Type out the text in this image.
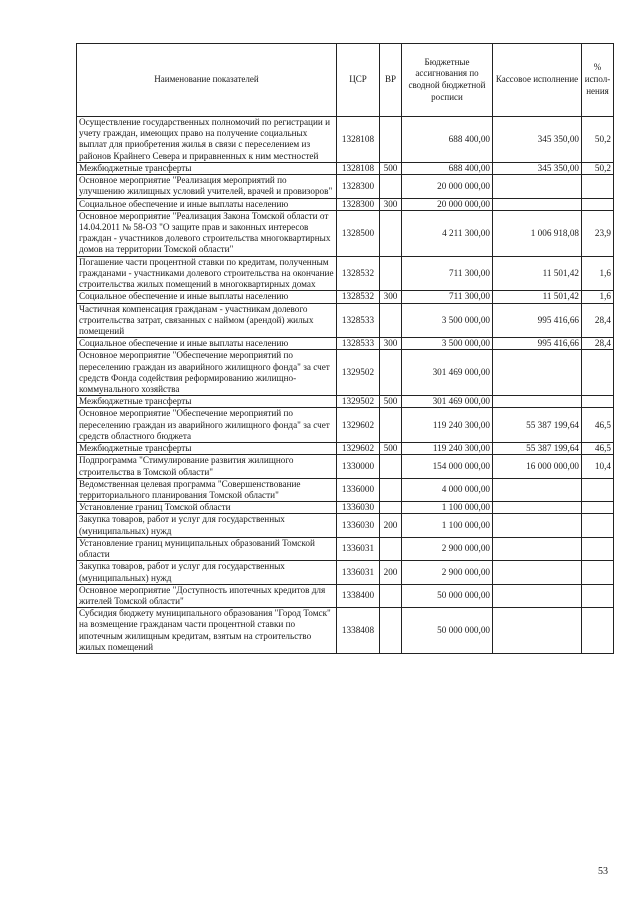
Наименование показателей	ЦСР	ВР	Бюджетные ассигнования по сводной бюджетной росписи	Кассовое исполнение	% испол-нения
Осуществление государственных полномочий по регистрации и учету граждан, имеющих право на получение социальных выплат для приобретения жилья в связи с переселением из районов Крайнего Севера и приравненных к ним местностей	1328108		688 400,00	345 350,00	50,2
Межбюджетные трансферты	1328108	500	688 400,00	345 350,00	50,2
Основное мероприятие "Реализация мероприятий по улучшению жилищных условий учителей, врачей и провизоров"	1328300		20 000 000,00		
Социальное обеспечение и иные выплаты населению	1328300	300	20 000 000,00		
Основное мероприятие "Реализация Закона Томской области от 14.04.2011 № 58-ОЗ "О защите прав и законных интересов граждан - участников долевого строительства многоквартирных домов на территории Томской области"	1328500		4 211 300,00	1 006 918,08	23,9
Погашение части процентной ставки по кредитам, полученным гражданами - участниками долевого строительства на окончание строительства жилых помещений в многоквартирных домах	1328532		711 300,00	11 501,42	1,6
Социальное обеспечение и иные выплаты населению	1328532	300	711 300,00	11 501,42	1,6
Частичная компенсация гражданам - участникам долевого строительства затрат, связанных с наймом (арендой) жилых помещений	1328533		3 500 000,00	995 416,66	28,4
Социальное обеспечение и иные выплаты населению	1328533	300	3 500 000,00	995 416,66	28,4
Основное мероприятие "Обеспечение мероприятий по переселению граждан из аварийного жилищного фонда" за счет средств Фонда содействия реформированию жилищно-коммунального хозяйства	1329502		301 469 000,00		
Межбюджетные трансферты	1329502	500	301 469 000,00		
Основное мероприятие "Обеспечение мероприятий по переселению граждан из аварийного жилищного фонда" за счет средств областного бюджета	1329602		119 240 300,00	55 387 199,64	46,5
Межбюджетные трансферты	1329602	500	119 240 300,00	55 387 199,64	46,5
Подпрограмма "Стимулирование развития жилищного строительства в Томской области"	1330000		154 000 000,00	16 000 000,00	10,4
Ведомственная целевая программа "Совершенствование территориального планирования Томской области"	1336000		4 000 000,00		
Установление границ Томской области	1336030		1 100 000,00		
Закупка товаров, работ и услуг для государственных (муниципальных) нужд	1336030	200	1 100 000,00		
Установление границ муниципальных образований Томской области	1336031		2 900 000,00		
Закупка товаров, работ и услуг для государственных (муниципальных) нужд	1336031	200	2 900 000,00		
Основное мероприятие "Доступность ипотечных кредитов для жителей Томской области"	1338400		50 000 000,00		
Субсидия бюджету муниципального образования "Город Томск" на возмещение гражданам части процентной ставки по ипотечным жилищным кредитам, взятым на строительство жилых помещений	1338408		50 000 000,00		
53
